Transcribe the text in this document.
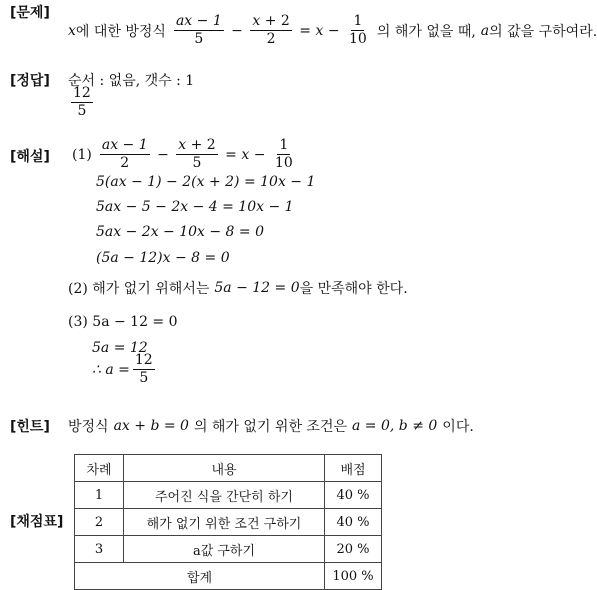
[문제]
[정답]
[해설]
[힌트]
[채점표]
x 에 대한 방정식 $\frac{ax - 1}{5} - \frac{x + 2}{2} = x - \frac{1}{10}$ 의 해가 없을 때, a 의 값을 구하여라.
순서 : 없음, 갯수 : 1
$\frac{12}{5}$
$(1) \frac{ax - 1}{2} - \frac{x + 2}{5} = x - \frac{1}{10}$
5(ax − 1) − 2(x + 2) = 10x − 1
5ax − 5 − 2x − 4 = 10x − 1
5ax − 2x − 10x − 8 = 0
(5a − 12)x − 8 = 0
(2) 해가 없기 위해서는 5a − 12 = 0 을 만족해야 한다.
(3) 5a − 12 = 0
5a = 12
∴ $a = \frac{12}{5}$
방정식 ax + b = 0 의 해가 없기 위한 조건은 a = 0, b ≠ 0 이다.
차례	내용	배점
1	주어진 식을 간단히 하기	40 %
2	해가 없기 위한 조건 구하기	40 %
3	a값 구하기	20 %
합계		100 %
